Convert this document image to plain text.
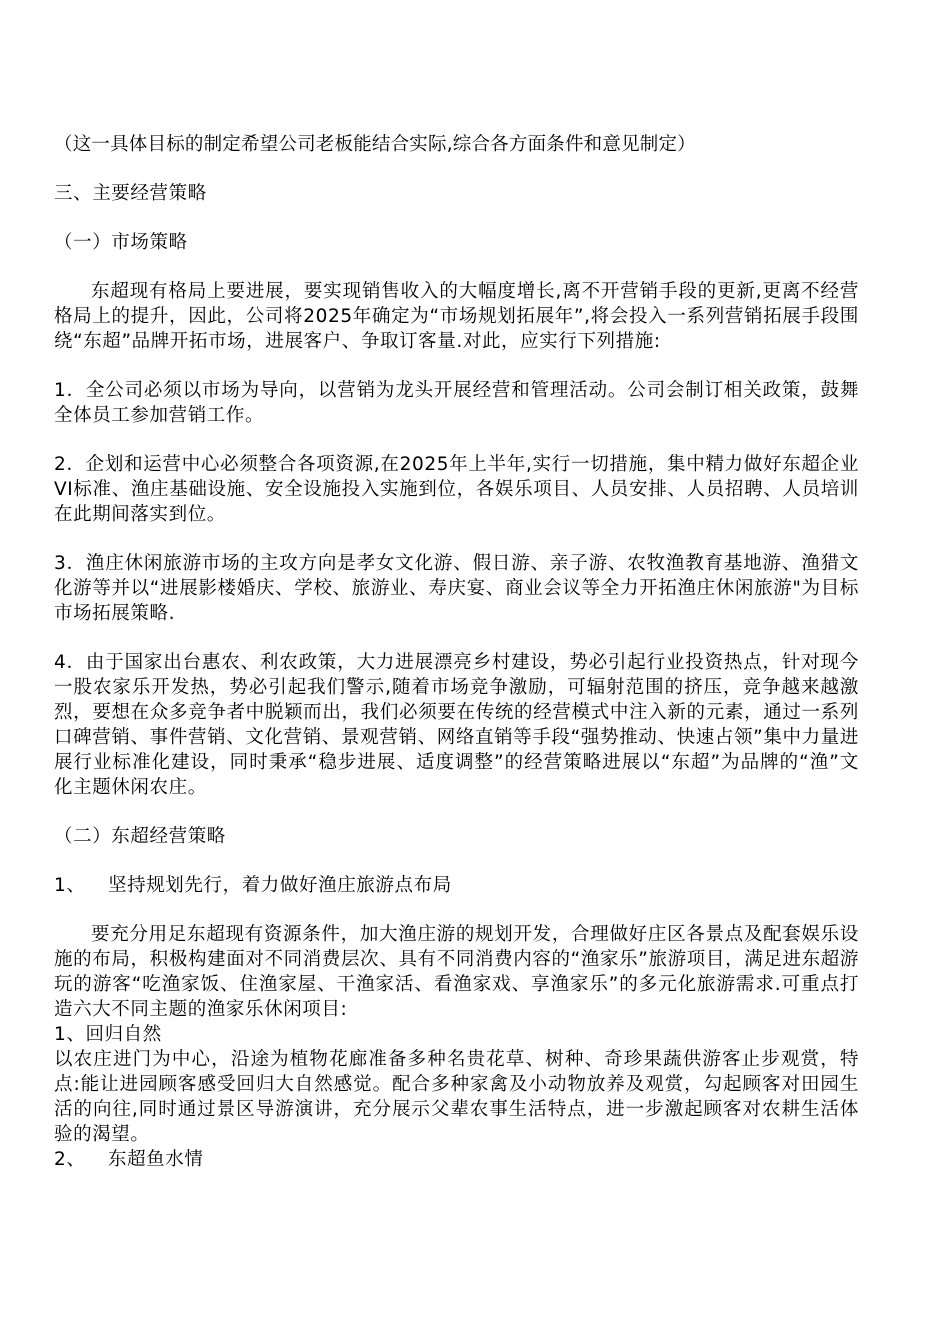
（这一具体目标的制定希望公司老板能结合实际,综合各方面条件和意见制定）

三、主要经营策略

（一）市场策略

东超现有格局上要进展，要实现销售收入的大幅度增长,离不开营销手段的更新,更离不经营格局上的提升，因此，公司将2025年确定为“市场规划拓展年”,将会投入一系列营销拓展手段围绕“东超”品牌开拓市场，进展客户、争取订客量.对此，应实行下列措施:

1．全公司必须以市场为导向，以营销为龙头开展经营和管理活动。公司会制订相关政策，鼓舞全体员工参加营销工作。

2．企划和运营中心必须整合各项资源,在2025年上半年,实行一切措施，集中精力做好东超企业VI标准、渔庄基础设施、安全设施投入实施到位，各娱乐项目、人员安排、人员招聘、人员培训在此期间落实到位。

3．渔庄休闲旅游市场的主攻方向是孝女文化游、假日游、亲子游、农牧渔教育基地游、渔猎文化游等并以“进展影楼婚庆、学校、旅游业、寿庆宴、商业会议等全力开拓渔庄休闲旅游"为目标市场拓展策略.

4．由于国家出台惠农、利农政策，大力进展漂亮乡村建设，势必引起行业投资热点，针对现今一股农家乐开发热，势必引起我们警示,随着市场竞争激励，可辐射范围的挤压，竞争越来越激烈，要想在众多竞争者中脱颖而出，我们必须要在传统的经营模式中注入新的元素，通过一系列口碑营销、事件营销、文化营销、景观营销、网络直销等手段“强势推动、快速占领”集中力量进展行业标准化建设，同时秉承“稳步进展、适度调整”的经营策略进展以“东超”为品牌的“渔”文化主题休闲农庄。

（二）东超经营策略

1、 坚持规划先行，着力做好渔庄旅游点布局

要充分用足东超现有资源条件，加大渔庄游的规划开发，合理做好庄区各景点及配套娱乐设施的布局，积极构建面对不同消费层次、具有不同消费内容的“渔家乐”旅游项目，满足进东超游玩的游客“吃渔家饭、住渔家屋、干渔家活、看渔家戏、享渔家乐”的多元化旅游需求.可重点打造六大不同主题的渔家乐休闲项目:

1、回归自然

以农庄进门为中心，沿途为植物花廊准备多种名贵花草、树种、奇珍果蔬供游客止步观赏，特点:能让进园顾客感受回归大自然感觉。配合多种家禽及小动物放养及观赏，勾起顾客对田园生活的向往,同时通过景区导游演讲，充分展示父辈农事生活特点，进一步激起顾客对农耕生活体验的渴望。

2、 东超鱼水情
